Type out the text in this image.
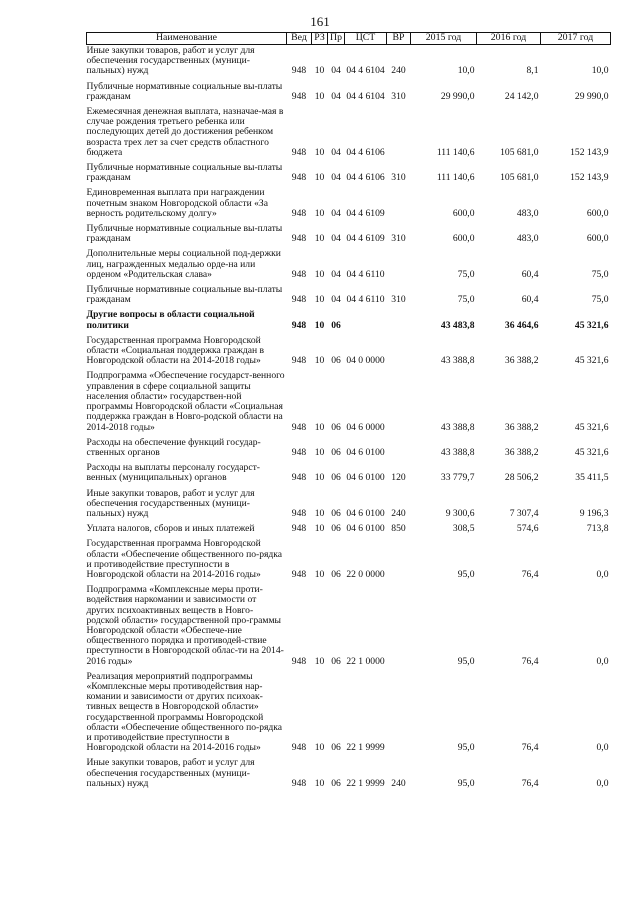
161
Наименование	Вед	РЗ	Пр	ЦСТ	ВР	2015 год	2016 год	2017 год
Иные закупки товаров, работ и услуг для обеспечения государственных (муници-пальных) нужд	948	10	04	04 4 6104	240	10,0	8,1	10,0
Публичные нормативные социальные вы-платы гражданам	948	10	04	04 4 6104	310	29 990,0	24 142,0	29 990,0
Ежемесячная денежная выплата, назначае-мая в случае рождения третьего ребенка или последующих детей до достижения ребенком возраста трех лет за счет средств областного бюджета	948	10	04	04 4 6106		111 140,6	105 681,0	152 143,9
Публичные нормативные социальные вы-платы гражданам	948	10	04	04 4 6106	310	111 140,6	105 681,0	152 143,9
Единовременная выплата при награждении почетным знаком Новгородской области «За верность родительскому долгу»	948	10	04	04 4 6109		600,0	483,0	600,0
Публичные нормативные социальные вы-платы гражданам	948	10	04	04 4 6109	310	600,0	483,0	600,0
Дополнительные меры социальной под-держки лиц, награжденных медалью орде-на или орденом «Родительская слава»	948	10	04	04 4 6110		75,0	60,4	75,0
Публичные нормативные социальные вы-платы гражданам	948	10	04	04 4 6110	310	75,0	60,4	75,0
Другие вопросы в области социальной политики	948	10	06			43 483,8	36 464,6	45 321,6
Государственная программа Новгородской области «Социальная поддержка граждан в Новгородской области на 2014-2018 годы»	948	10	06	04 0 0000		43 388,8	36 388,2	45 321,6
Подпрограмма «Обеспечение государст-венного управления в сфере социальной защиты населения области» государствен-ной программы Новгородской области «Социальная поддержка граждан в Новго-родской области на 2014-2018 годы»	948	10	06	04 6 0000		43 388,8	36 388,2	45 321,6
Расходы на обеспечение функций государ-ственных органов	948	10	06	04 6 0100		43 388,8	36 388,2	45 321,6
Расходы на выплаты персоналу государст-венных (муниципальных) органов	948	10	06	04 6 0100	120	33 779,7	28 506,2	35 411,5
Иные закупки товаров, работ и услуг для обеспечения государственных (муници-пальных) нужд	948	10	06	04 6 0100	240	9 300,6	7 307,4	9 196,3
Уплата налогов, сборов и иных платежей	948	10	06	04 6 0100	850	308,5	574,6	713,8
Государственная программа Новгородской области «Обеспечение общественного по-рядка и противодействие преступности в Новгородской области на 2014-2016 годы»	948	10	06	22 0 0000		95,0	76,4	0,0
Подпрограмма «Комплексные меры проти-водействия наркомании и зависимости от других психоактивных веществ в Новго-родской области» государственной про-граммы Новгородской области «Обеспече-ние общественного порядка и противодей-ствие преступности в Новгородской облас-ти на 2014-2016 годы»	948	10	06	22 1 0000		95,0	76,4	0,0
Реализация мероприятий подпрограммы «Комплексные меры противодействия нар-комании и зависимости от других психоак-тивных веществ в Новгородской области» государственной программы Новгородской области «Обеспечение общественного по-рядка и противодействие преступности в Новгородской области на 2014-2016 годы»	948	10	06	22 1 9999		95,0	76,4	0,0
Иные закупки товаров, работ и услуг для обеспечения государственных (муници-пальных) нужд	948	10	06	22 1 9999	240	95,0	76,4	0,0
